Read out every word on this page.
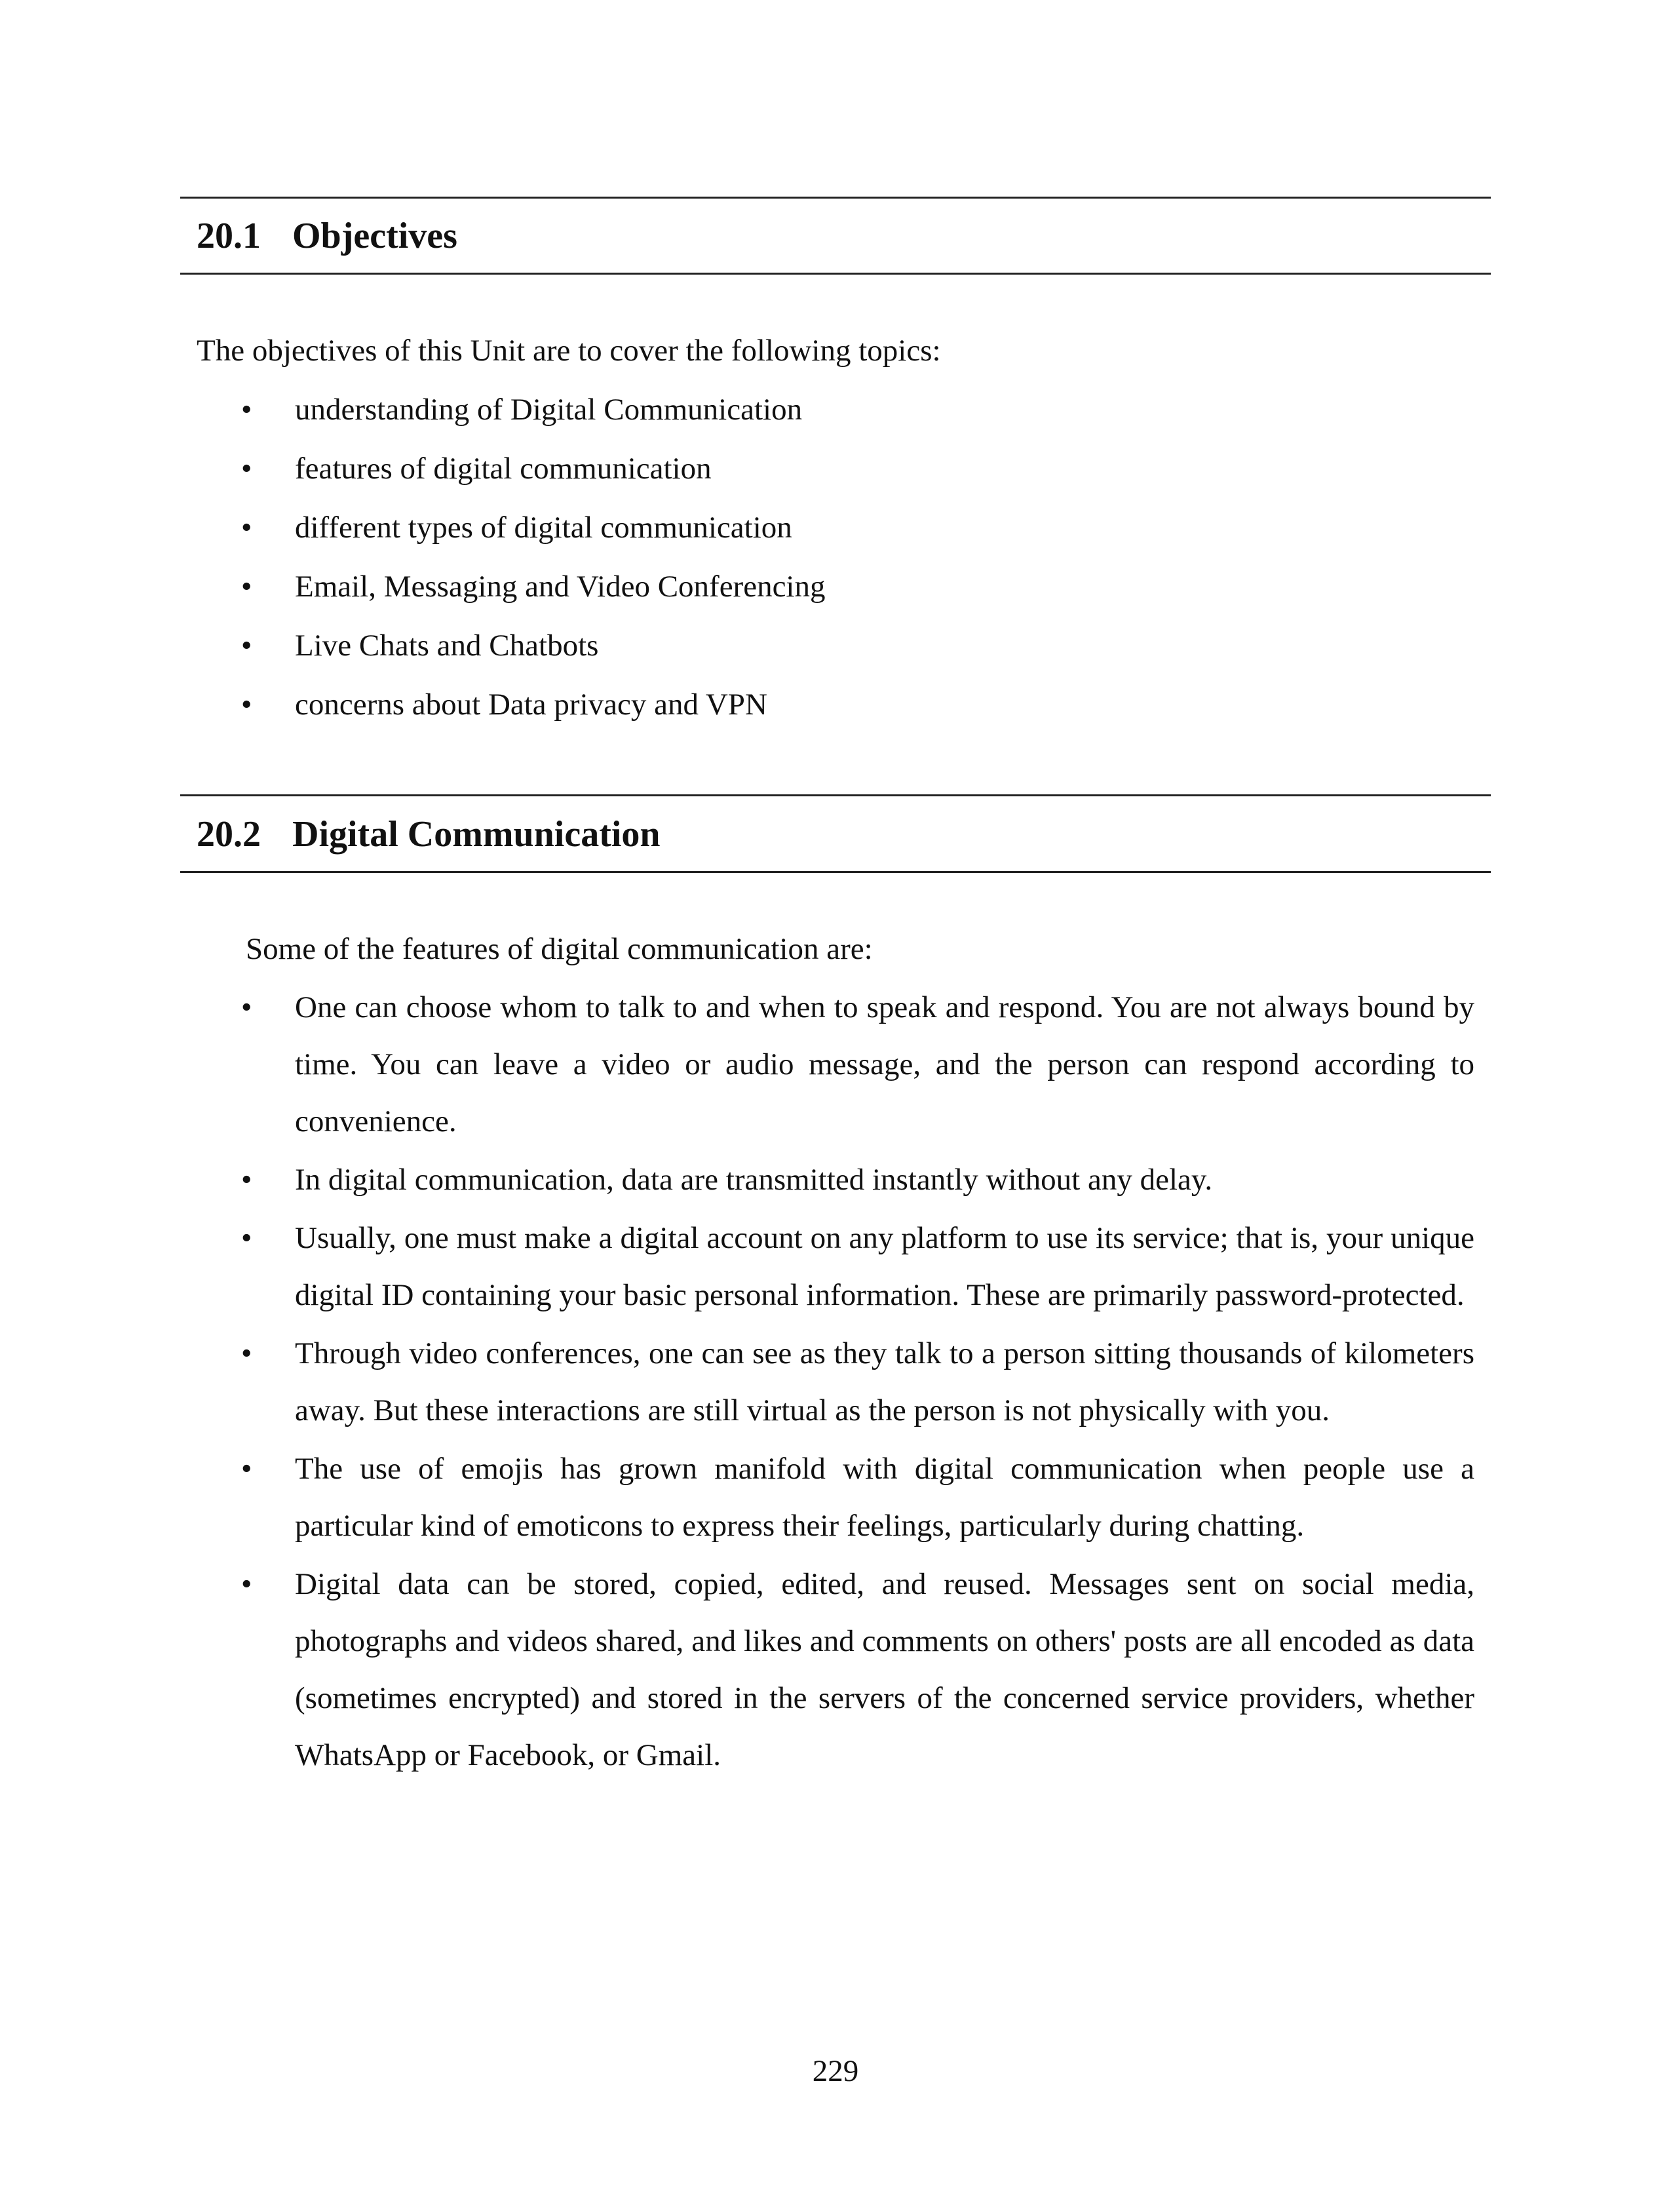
20.1 Objectives
The objectives of this Unit are to cover the following topics:
• understanding of Digital Communication
• features of digital communication
• different types of digital communication
• Email, Messaging and Video Conferencing
• Live Chats and Chatbots
• concerns about Data privacy and VPN
20.2 Digital Communication
Some of the features of digital communication are:
• One can choose whom to talk to and when to speak and respond. You are not always bound by time. You can leave a video or audio message, and the person can respond according to convenience.
• In digital communication, data are transmitted instantly without any delay.
• Usually, one must make a digital account on any platform to use its service; that is, your unique digital ID containing your basic personal information. These are primarily password-protected.
• Through video conferences, one can see as they talk to a person sitting thousands of kilometers away. But these interactions are still virtual as the person is not physically with you.
• The use of emojis has grown manifold with digital communication when people use a particular kind of emoticons to express their feelings, particularly during chatting.
• Digital data can be stored, copied, edited, and reused. Messages sent on social media, photographs and videos shared, and likes and comments on others' posts are all encoded as data (sometimes encrypted) and stored in the servers of the concerned service providers, whether WhatsApp or Facebook, or Gmail.
229
